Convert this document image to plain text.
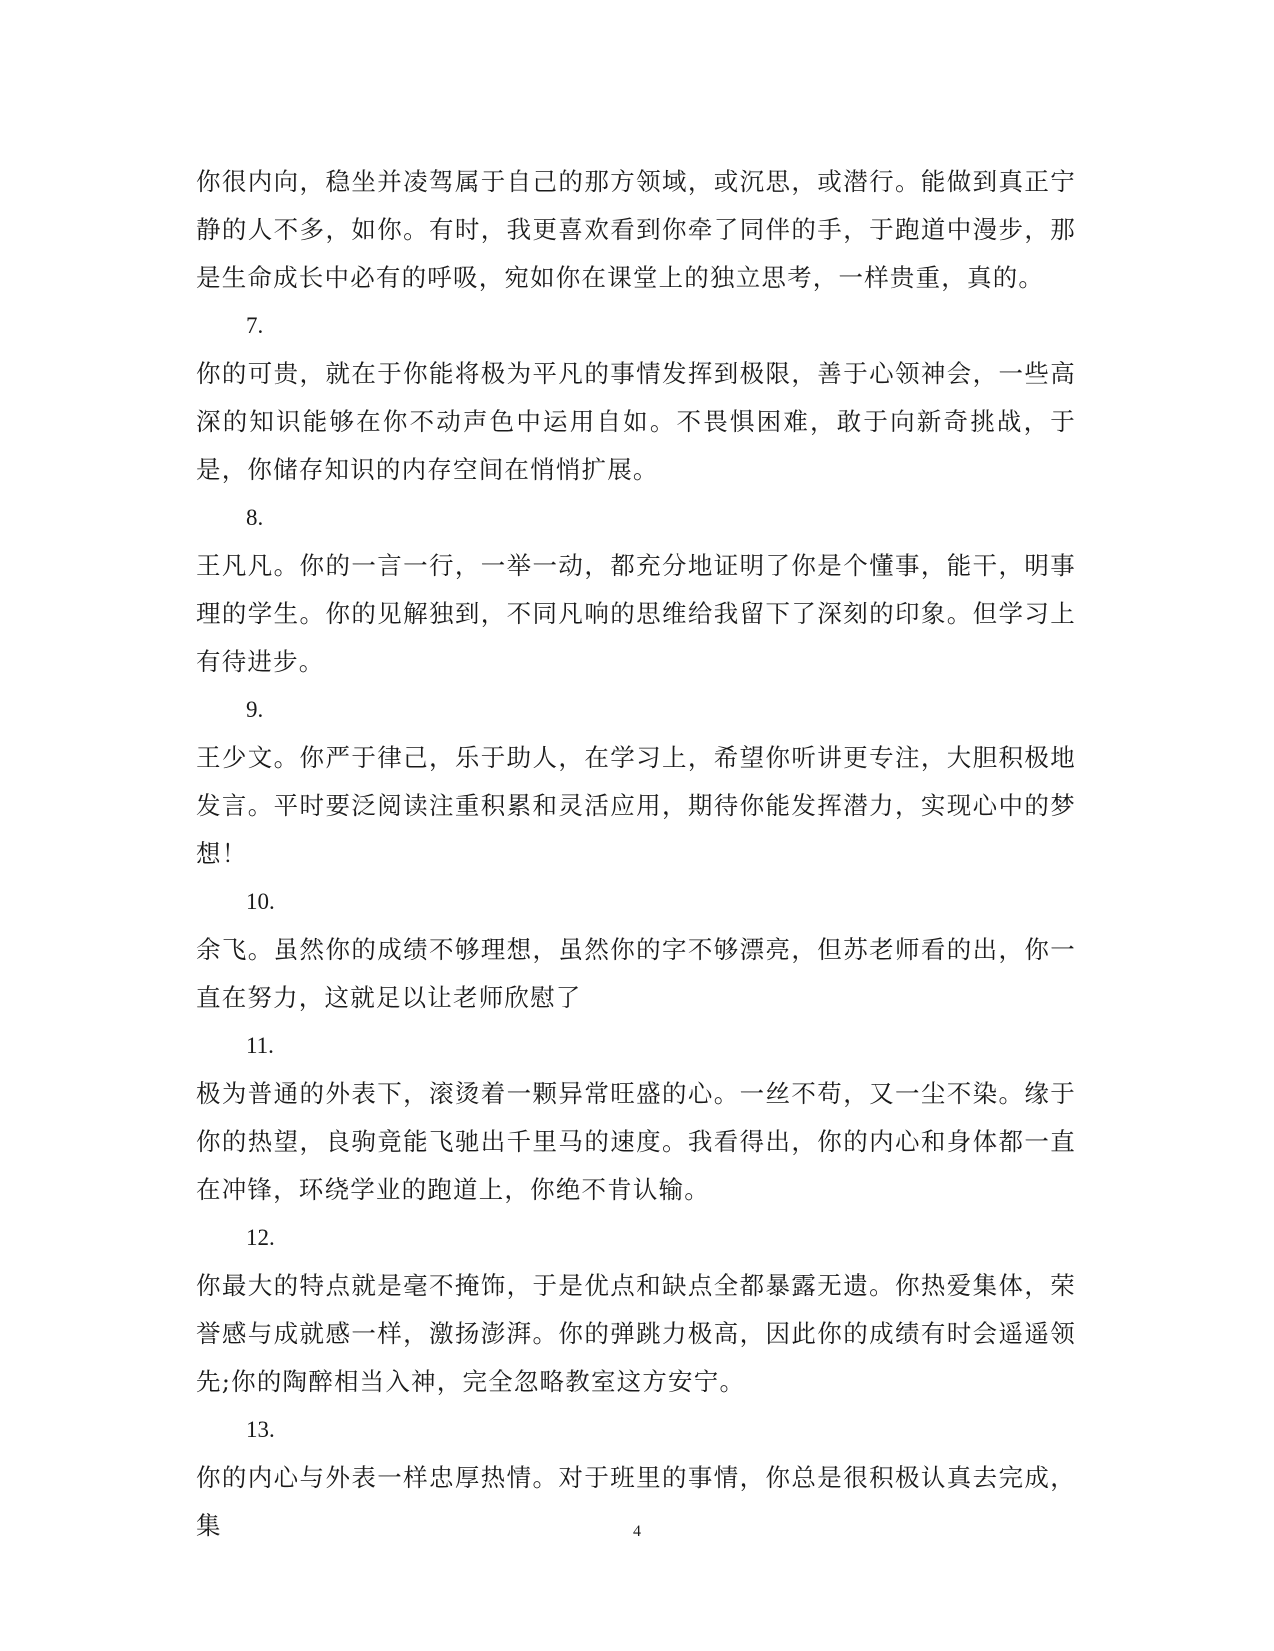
你很内向，稳坐并凌驾属于自己的那方领域，或沉思，或潜行。能做到真正宁静的人不多，如你。有时，我更喜欢看到你牵了同伴的手，于跑道中漫步，那是生命成长中必有的呼吸，宛如你在课堂上的独立思考，一样贵重，真的。

7.

你的可贵，就在于你能将极为平凡的事情发挥到极限，善于心领神会，一些高深的知识能够在你不动声色中运用自如。不畏惧困难，敢于向新奇挑战，于是，你储存知识的内存空间在悄悄扩展。

8.

王凡凡。你的一言一行，一举一动，都充分地证明了你是个懂事，能干，明事理的学生。你的见解独到，不同凡响的思维给我留下了深刻的印象。但学习上有待进步。

9.

王少文。你严于律己，乐于助人，在学习上，希望你听讲更专注，大胆积极地发言。平时要泛阅读注重积累和灵活应用，期待你能发挥潜力，实现心中的梦想！

10.

余飞。虽然你的成绩不够理想，虽然你的字不够漂亮，但苏老师看的出，你一直在努力，这就足以让老师欣慰了

11.

极为普通的外表下，滚烫着一颗异常旺盛的心。一丝不苟，又一尘不染。缘于你的热望，良驹竟能飞驰出千里马的速度。我看得出，你的内心和身体都一直在冲锋，环绕学业的跑道上，你绝不肯认输。

12.

你最大的特点就是毫不掩饰，于是优点和缺点全都暴露无遗。你热爱集体，荣誉感与成就感一样，激扬澎湃。你的弹跳力极高，因此你的成绩有时会遥遥领先;你的陶醉相当入神，完全忽略教室这方安宁。

13.

你的内心与外表一样忠厚热情。对于班里的事情，你总是很积极认真去完成，集	4
